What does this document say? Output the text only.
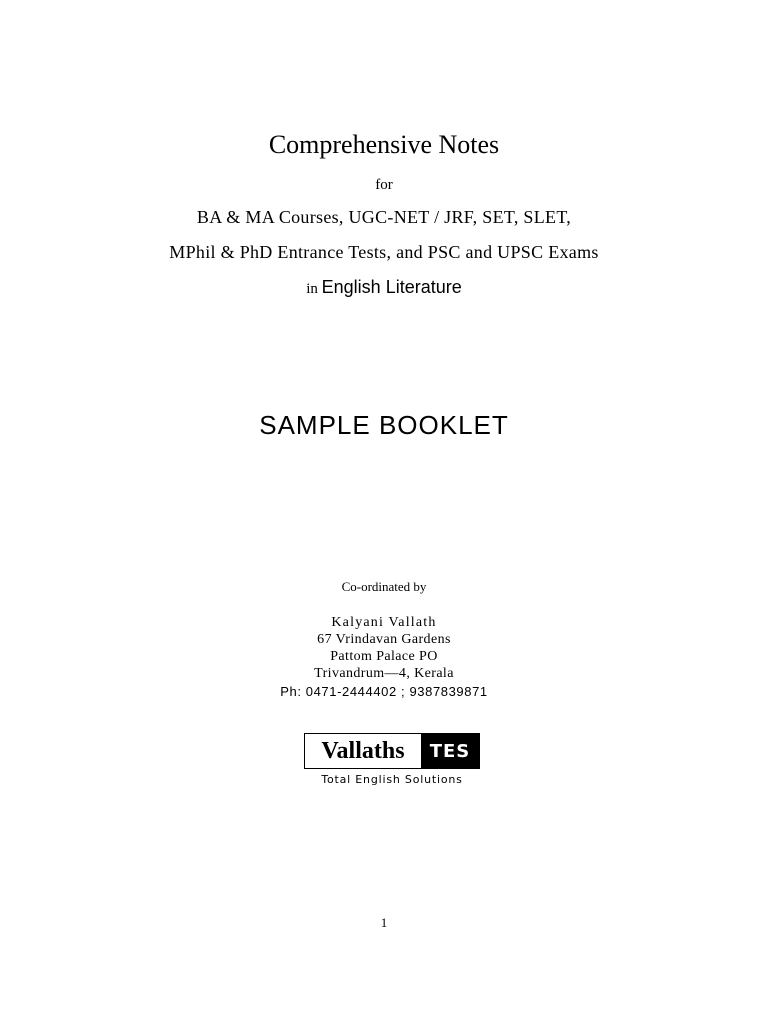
Comprehensive Notes
for
BA & MA Courses, UGC-NET / JRF, SET, SLET,
MPhil & PhD Entrance Tests, and PSC and UPSC Exams
in English Literature
SAMPLE BOOKLET
Co-ordinated by
Kalyani Vallath
67 Vrindavan Gardens
Pattom Palace PO
Trivandrum—4, Kerala
Ph: 0471-2444402 ; 9387839871
Vallaths	TES
Total English Solutions
1
